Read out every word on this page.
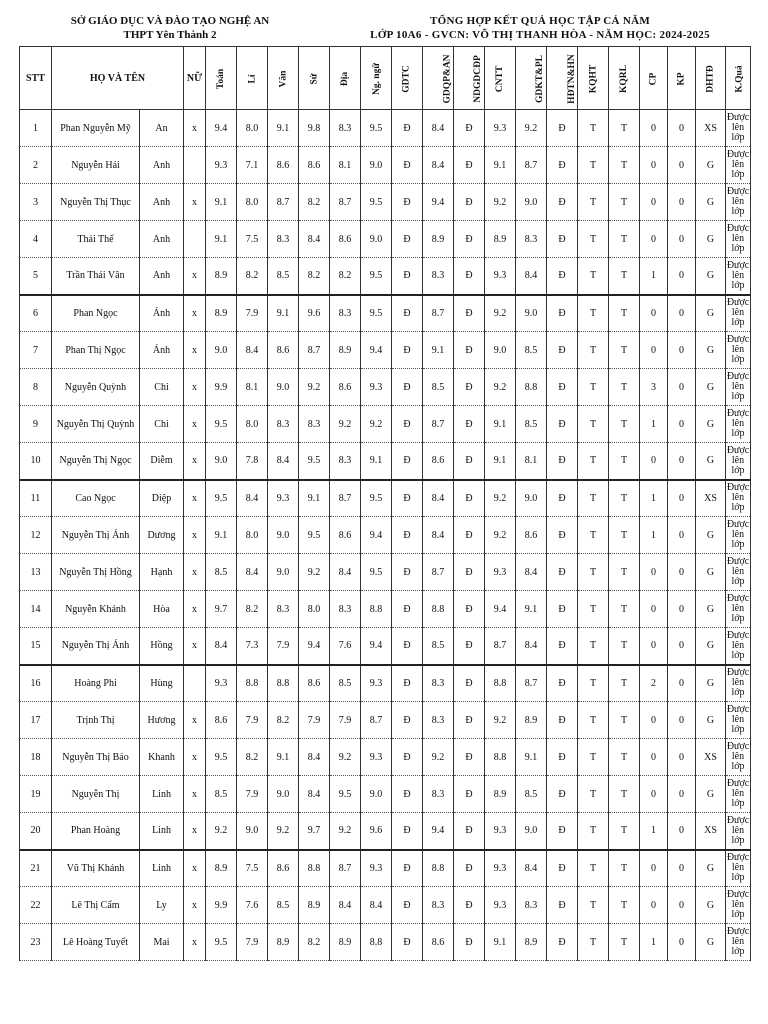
SỞ GIÁO DỤC VÀ ĐÀO TẠO NGHỆ AN
THPT Yên Thành 2
TỔNG HỢP KẾT QUẢ HỌC TẬP CẢ NĂM
LỚP 10A6 - GVCN: VÕ THỊ THANH HÒA - NĂM HỌC: 2024-2025
STT	HỌ VÀ TÊN		NỮ	Toán	Lí	Văn	Sử	Địa	Ng. ngữ	GDTC	GDQP&AN	NDGDCĐP	CNTT	GDKT&PL	HĐTN&HN	KQHT	KQRL	CP	KP	DHTĐ	K.Quả
1	Phan Nguyễn Mỹ	An	x	9.4	8.0	9.1	9.8	8.3	9.5	Đ	8.4	Đ	9.3	9.2	Đ	T	T	0	0	XS	Được lên lớp
2	Nguyễn Hải	Anh		9.3	7.1	8.6	8.6	8.1	9.0	Đ	8.4	Đ	9.1	8.7	Đ	T	T	0	0	G	Được lên lớp
3	Nguyễn Thị Thục	Anh	x	9.1	8.0	8.7	8.2	8.7	9.5	Đ	9.4	Đ	9.2	9.0	Đ	T	T	0	0	G	Được lên lớp
4	Thái Thế	Anh		9.1	7.5	8.3	8.4	8.6	9.0	Đ	8.9	Đ	8.9	8.3	Đ	T	T	0	0	G	Được lên lớp
5	Trần Thái Vân	Anh	x	8.9	8.2	8.5	8.2	8.2	9.5	Đ	8.3	Đ	9.3	8.4	Đ	T	T	1	0	G	Được lên lớp
6	Phan Ngọc	Ánh	x	8.9	7.9	9.1	9.6	8.3	9.5	Đ	8.7	Đ	9.2	9.0	Đ	T	T	0	0	G	Được lên lớp
7	Phan Thị Ngọc	Ánh	x	9.0	8.4	8.6	8.7	8.9	9.4	Đ	9.1	Đ	9.0	8.5	Đ	T	T	0	0	G	Được lên lớp
8	Nguyễn Quỳnh	Chi	x	9.9	8.1	9.0	9.2	8.6	9.3	Đ	8.5	Đ	9.2	8.8	Đ	T	T	3	0	G	Được lên lớp
9	Nguyễn Thị Quỳnh	Chi	x	9.5	8.0	8.3	8.3	9.2	9.2	Đ	8.7	Đ	9.1	8.5	Đ	T	T	1	0	G	Được lên lớp
10	Nguyễn Thị Ngọc	Diễm	x	9.0	7.8	8.4	9.5	8.3	9.1	Đ	8.6	Đ	9.1	8.1	Đ	T	T	0	0	G	Được lên lớp
11	Cao Ngọc	Diệp	x	9.5	8.4	9.3	9.1	8.7	9.5	Đ	8.4	Đ	9.2	9.0	Đ	T	T	1	0	XS	Được lên lớp
12	Nguyễn Thị Ánh	Dương	x	9.1	8.0	9.0	9.5	8.6	9.4	Đ	8.4	Đ	9.2	8.6	Đ	T	T	1	0	G	Được lên lớp
13	Nguyễn Thị Hồng	Hạnh	x	8.5	8.4	9.0	9.2	8.4	9.5	Đ	8.7	Đ	9.3	8.4	Đ	T	T	0	0	G	Được lên lớp
14	Nguyễn Khánh	Hòa	x	9.7	8.2	8.3	8.0	8.3	8.8	Đ	8.8	Đ	9.4	9.1	Đ	T	T	0	0	G	Được lên lớp
15	Nguyễn Thị Ánh	Hồng	x	8.4	7.3	7.9	9.4	7.6	9.4	Đ	8.5	Đ	8.7	8.4	Đ	T	T	0	0	G	Được lên lớp
16	Hoàng Phi	Hùng		9.3	8.8	8.8	8.6	8.5	9.3	Đ	8.3	Đ	8.8	8.7	Đ	T	T	2	0	G	Được lên lớp
17	Trịnh Thị	Hương	x	8.6	7.9	8.2	7.9	7.9	8.7	Đ	8.3	Đ	9.2	8.9	Đ	T	T	0	0	G	Được lên lớp
18	Nguyễn Thị Bảo	Khanh	x	9.5	8.2	9.1	8.4	9.2	9.3	Đ	9.2	Đ	8.8	9.1	Đ	T	T	0	0	XS	Được lên lớp
19	Nguyễn Thị	Linh	x	8.5	7.9	9.0	8.4	9.5	9.0	Đ	8.3	Đ	8.9	8.5	Đ	T	T	0	0	G	Được lên lớp
20	Phan Hoàng	Linh	x	9.2	9.0	9.2	9.7	9.2	9.6	Đ	9.4	Đ	9.3	9.0	Đ	T	T	1	0	XS	Được lên lớp
21	Vũ Thị Khánh	Linh	x	8.9	7.5	8.6	8.8	8.7	9.3	Đ	8.8	Đ	9.3	8.4	Đ	T	T	0	0	G	Được lên lớp
22	Lê Thị Cẩm	Ly	x	9.9	7.6	8.5	8.9	8.4	8.4	Đ	8.3	Đ	9.3	8.3	Đ	T	T	0	0	G	Được lên lớp
23	Lê Hoàng Tuyết	Mai	x	9.5	7.9	8.9	8.2	8.9	8.8	Đ	8.6	Đ	9.1	8.9	Đ	T	T	1	0	G	Được lên lớp
